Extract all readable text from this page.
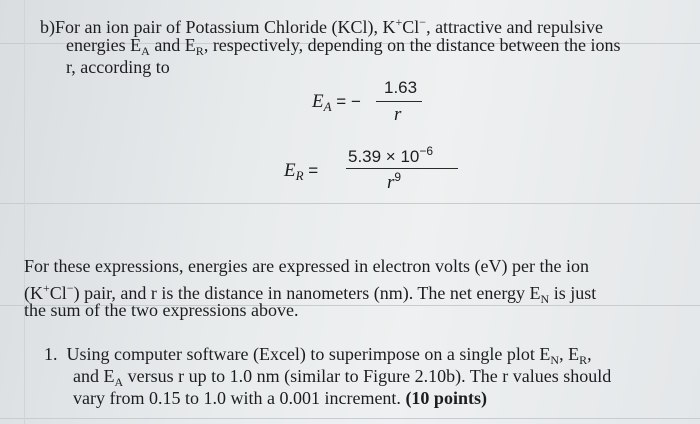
b)For an ion pair of Potassium Chloride (KCl), K+Cl−, attractive and repulsive

energies $E_A$ and $E_R$, respectively, depending on the distance between the ions

r, according to

$E_A$ = −
1.63
r
$E_R$ =
$5.39 \times 10^{-6}$
$r^9$

For these expressions, energies are expressed in electron volts (eV) per the ion

(K+Cl−) pair, and r is the distance in nanometers (nm). The net energy $E_N$ is just

the sum of the two expressions above.

1. Using computer software (Excel) to superimpose on a single plot $E_N$, $E_R$,

and $E_A$ versus r up to 1.0 nm (similar to Figure 2.10b). The r values should

vary from 0.15 to 1.0 with a 0.001 increment. (10 points)
